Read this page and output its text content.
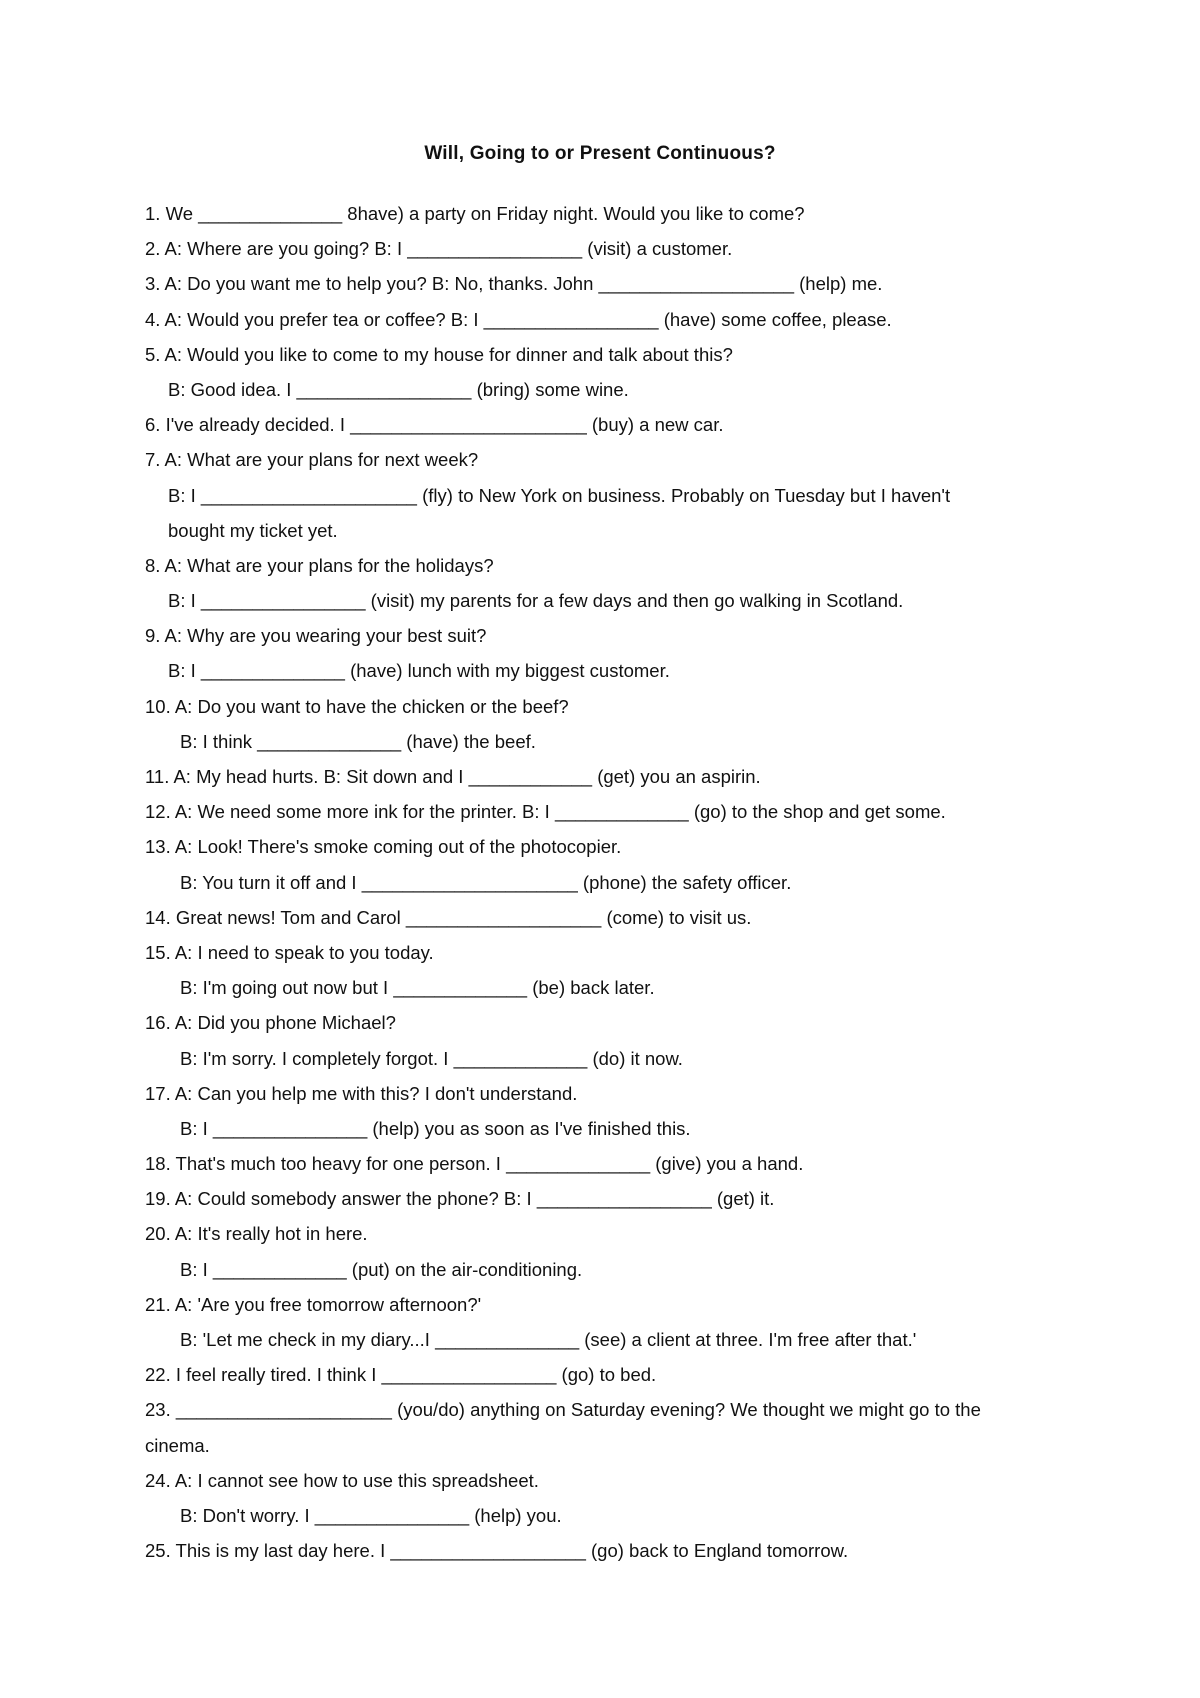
Will, Going to or Present Continuous?
1. We ______________ 8have) a party on Friday night. Would you like to come?
2. A: Where are you going? B: I _________________ (visit) a customer.
3. A: Do you want me to help you? B: No, thanks. John ___________________ (help) me.
4. A: Would you prefer tea or coffee? B: I _________________ (have) some coffee, please.
5. A: Would you like to come to my house for dinner and talk about this?
B: Good idea. I _________________ (bring) some wine.
6. I've already decided. I _______________________ (buy) a new car.
7. A: What are your plans for next week?
B: I _____________________ (fly) to New York on business. Probably on Tuesday but I haven't
bought my ticket yet.
8. A: What are your plans for the holidays?
B: I ________________ (visit) my parents for a few days and then go walking in Scotland.
9. A: Why are you wearing your best suit?
B: I ______________ (have) lunch with my biggest customer.
10. A: Do you want to have the chicken or the beef?
B: I think ______________ (have) the beef.
11. A: My head hurts. B: Sit down and I ____________ (get) you an aspirin.
12. A: We need some more ink for the printer. B: I _____________ (go) to the shop and get some.
13. A: Look! There's smoke coming out of the photocopier.
B: You turn it off and I _____________________ (phone) the safety officer.
14. Great news! Tom and Carol ___________________ (come) to visit us.
15. A: I need to speak to you today.
B: I'm going out now but I _____________ (be) back later.
16. A: Did you phone Michael?
B: I'm sorry. I completely forgot. I _____________ (do) it now.
17. A: Can you help me with this? I don't understand.
B: I _______________ (help) you as soon as I've finished this.
18. That's much too heavy for one person. I ______________ (give) you a hand.
19. A: Could somebody answer the phone? B: I _________________ (get) it.
20. A: It's really hot in here.
B: I _____________ (put) on the air-conditioning.
21. A: 'Are you free tomorrow afternoon?'
B: 'Let me check in my diary...I ______________ (see) a client at three. I'm free after that.'
22. I feel really tired. I think I _________________ (go) to bed.
23. _____________________ (you/do) anything on Saturday evening? We thought we might go to the
cinema.
24. A: I cannot see how to use this spreadsheet.
B: Don't worry. I _______________ (help) you.
25. This is my last day here. I ___________________ (go) back to England tomorrow.
